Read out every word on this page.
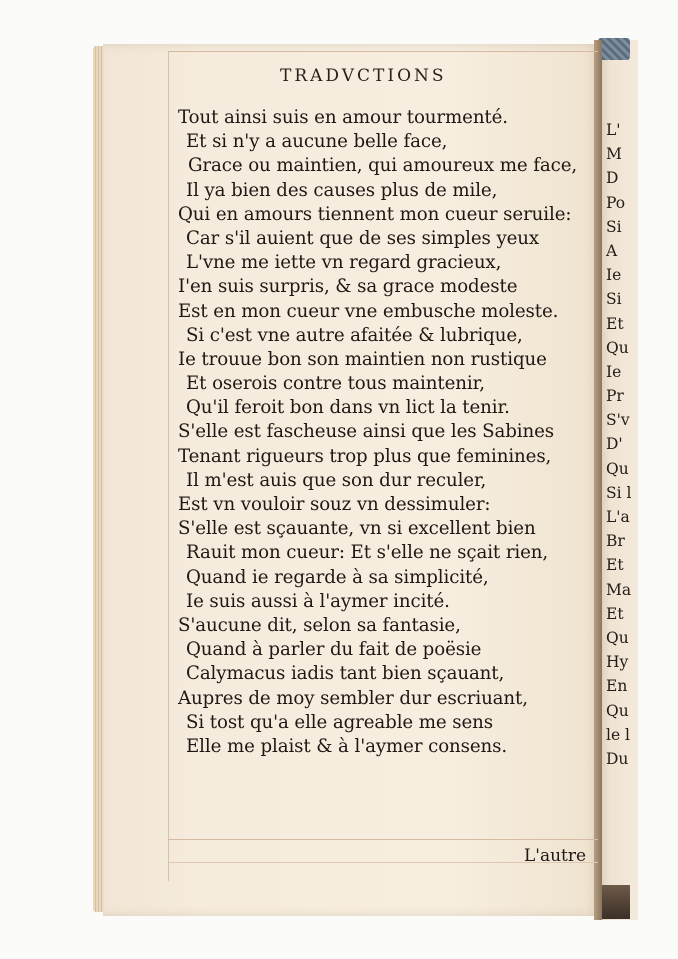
TRADVCTIONS
Tout ainsi suis en amour tourmenté.
Et si n'y a aucune belle face,
Grace ou maintien, qui amoureux me face,
Il ya bien des causes plus de mile,
Qui en amours tiennent mon cueur seruile:
Car s'il auient que de ses simples yeux
L'vne me iette vn regard gracieux,
I'en suis surpris, & sa grace modeste
Est en mon cueur vne embusche moleste.
Si c'est vne autre afaitée & lubrique,
Ie trouue bon son maintien non rustique
Et oserois contre tous maintenir,
Qu'il feroit bon dans vn lict la tenir.
S'elle est fascheuse ainsi que les Sabines
Tenant rigueurs trop plus que feminines,
Il m'est auis que son dur reculer,
Est vn vouloir souz vn dessimuler:
S'elle est sçauante, vn si excellent bien
Rauit mon cueur: Et s'elle ne sçait rien,
Quand ie regarde à sa simplicité,
Ie suis aussi à l'aymer incité.
S'aucune dit, selon sa fantasie,
Quand à parler du fait de poësie
Calymacus iadis tant bien sçauant,
Aupres de moy sembler dur escriuant,
Si tost qu'a elle agreable me sens
Elle me plaist & à l'aymer consens.
L'autre
L'
M
D
Po
Si
A
Ie
Si
Et
Qu
Ie
Pr
S'v
D'
Qu
Si l
L'a
Br
Et
Ma
Et
Qu
Hy
En
Qu
le l
Du
